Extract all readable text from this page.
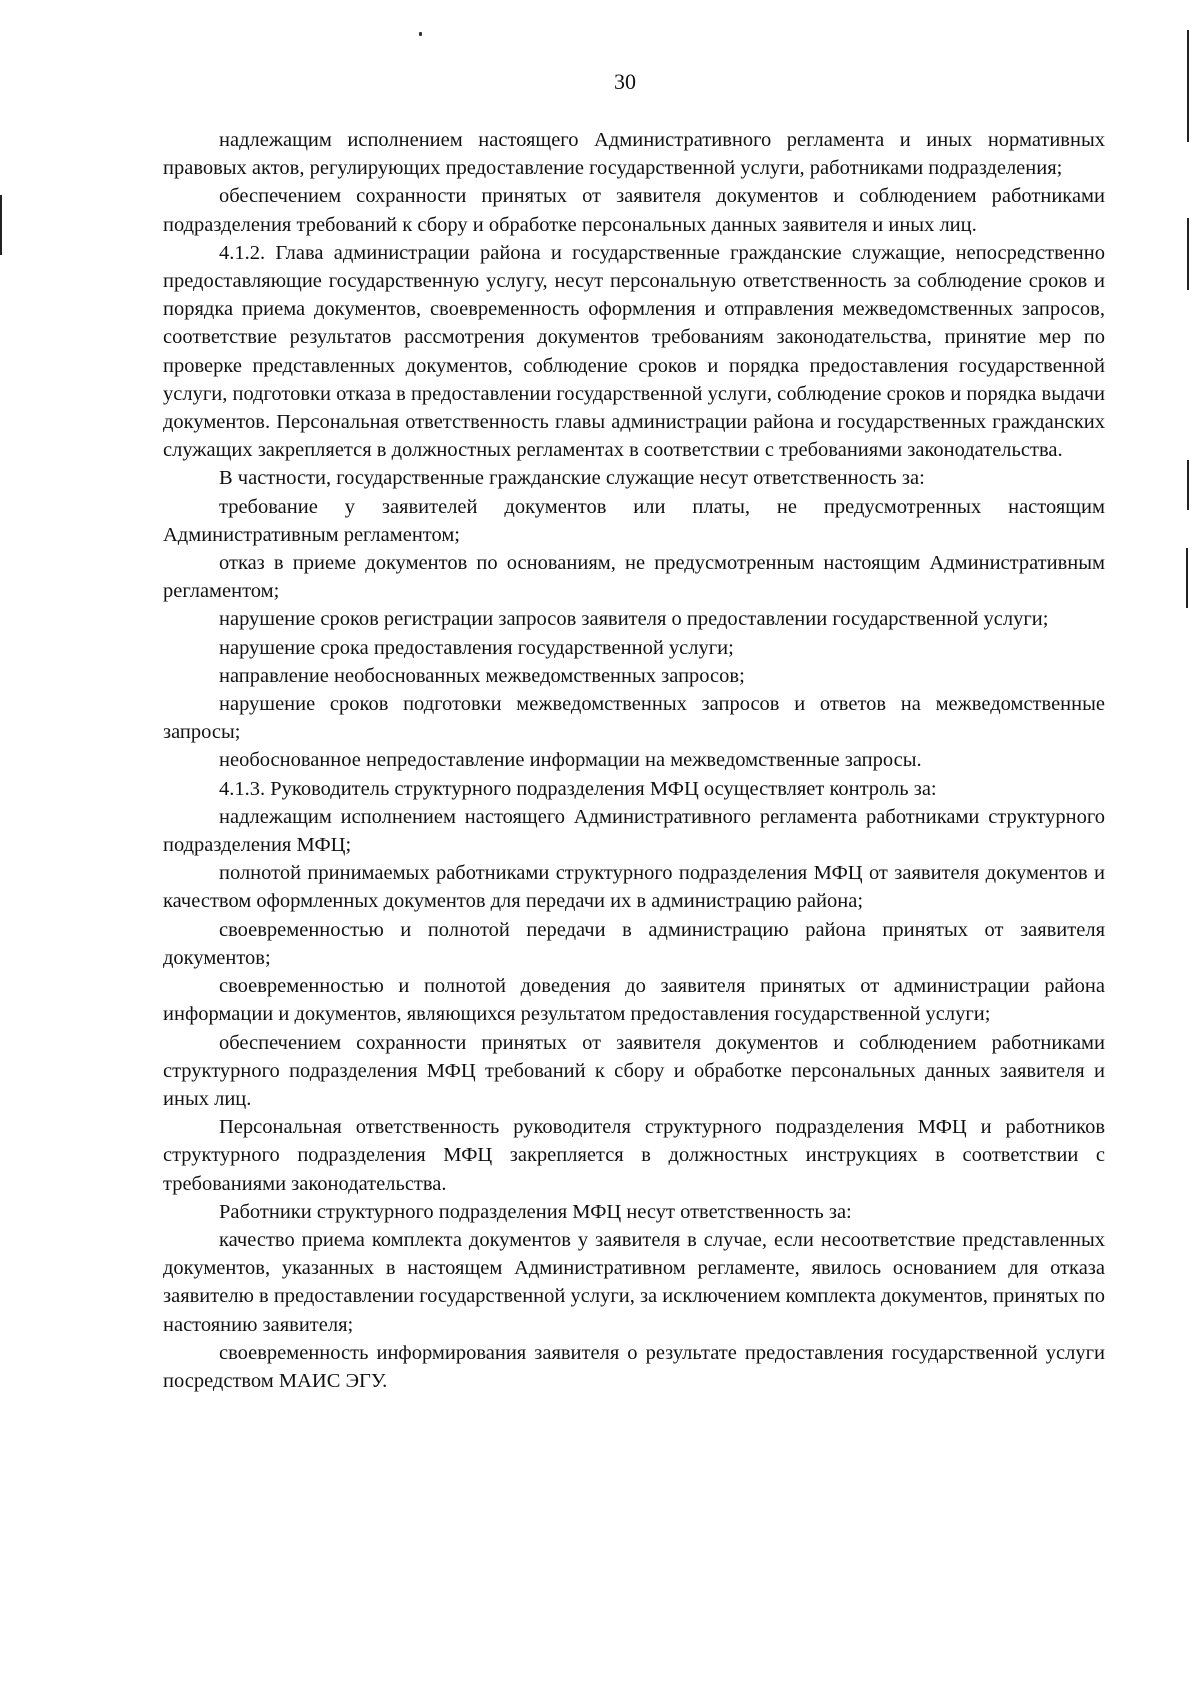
30

надлежащим исполнением настоящего Административного регламента и иных нормативных правовых актов, регулирующих предоставление государственной услуги, работниками подразделения;

обеспечением сохранности принятых от заявителя документов и соблюдением работниками подразделения требований к сбору и обработке персональных данных заявителя и иных лиц.

4.1.2. Глава администрации района и государственные гражданские служащие, непосредственно предоставляющие государственную услугу, несут персональную ответственность за соблюдение сроков и порядка приема документов, своевременность оформления и отправления межведомственных запросов, соответствие результатов рассмотрения документов требованиям законодательства, принятие мер по проверке представленных документов, соблюдение сроков и порядка предоставления государственной услуги, подготовки отказа в предоставлении государственной услуги, соблюдение сроков и порядка выдачи документов. Персональная ответственность главы администрации района и государственных гражданских служащих закрепляется в должностных регламентах в соответствии с требованиями законодательства.

В частности, государственные гражданские служащие несут ответственность за:

требование у заявителей документов или платы, не предусмотренных настоящим Административным регламентом;

отказ в приеме документов по основаниям, не предусмотренным настоящим Административным регламентом;

нарушение сроков регистрации запросов заявителя о предоставлении государственной услуги;

нарушение срока предоставления государственной услуги;

направление необоснованных межведомственных запросов;

нарушение сроков подготовки межведомственных запросов и ответов на межведомственные запросы;

необоснованное непредоставление информации на межведомственные запросы.

4.1.3. Руководитель структурного подразделения МФЦ осуществляет контроль за:

надлежащим исполнением настоящего Административного регламента работниками структурного подразделения МФЦ;

полнотой принимаемых работниками структурного подразделения МФЦ от заявителя документов и качеством оформленных документов для передачи их в администрацию района;

своевременностью и полнотой передачи в администрацию района принятых от заявителя документов;

своевременностью и полнотой доведения до заявителя принятых от администрации района информации и документов, являющихся результатом предоставления государственной услуги;

обеспечением сохранности принятых от заявителя документов и соблюдением работниками структурного подразделения МФЦ требований к сбору и обработке персональных данных заявителя и иных лиц.

Персональная ответственность руководителя структурного подразделения МФЦ и работников структурного подразделения МФЦ закрепляется в должностных инструкциях в соответствии с требованиями законодательства.

Работники структурного подразделения МФЦ несут ответственность за:

качество приема комплекта документов у заявителя в случае, если несоответствие представленных документов, указанных в настоящем Административном регламенте, явилось основанием для отказа заявителю в предоставлении государственной услуги, за исключением комплекта документов, принятых по настоянию заявителя;

своевременность информирования заявителя о результате предоставления государственной услуги посредством МАИС ЭГУ.
